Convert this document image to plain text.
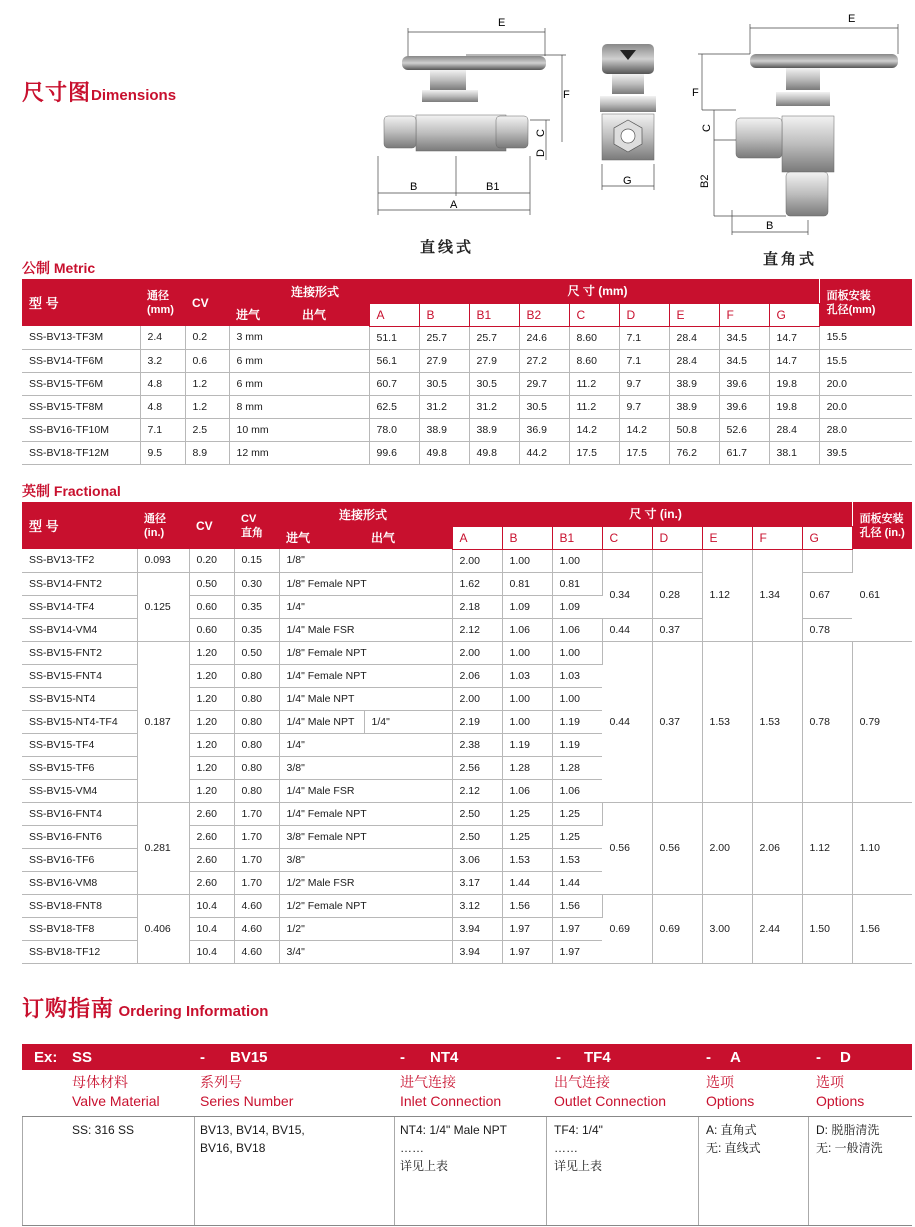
尺寸图Dimensions
E
F
C
D
B	B1
A
直线式
G
E
F
C
B2
B
直角式
公制 Metric
型 号	通径
(mm)	CV	连接形式	尺 寸 (mm)									面板安装
孔径(mm)
			进气 出气	A	B	B1	B2	C	D	E	F	G	
SS-BV13-TF3M	2.4	0.2	3 mm	51.1	25.7	25.7	24.6	8.60	7.1	28.4	34.5	14.7	15.5
SS-BV14-TF6M	3.2	0.6	6 mm	56.1	27.9	27.9	27.2	8.60	7.1	28.4	34.5	14.7	15.5
SS-BV15-TF6M	4.8	1.2	6 mm	60.7	30.5	30.5	29.7	11.2	9.7	38.9	39.6	19.8	20.0
SS-BV15-TF8M	4.8	1.2	8 mm	62.5	31.2	31.2	30.5	11.2	9.7	38.9	39.6	19.8	20.0
SS-BV16-TF10M	7.1	2.5	10 mm	78.0	38.9	38.9	36.9	14.2	14.2	50.8	52.6	28.4	28.0
SS-BV18-TF12M	9.5	8.9	12 mm	99.6	49.8	49.8	44.2	17.5	17.5	76.2	61.7	38.1	39.5
英制 Fractional
型 号	通径
(in.)	CV	CV
直角	连接形式		尺 寸 (in.)								面板安装
孔径 (in.)
				进气	出气	A	B	B1	C	D	E	F	G	
SS-BV13-TF2	0.093	0.20	0.15	1/8"		2.00	1.00	1.00			1.12	1.34		0.61
SS-BV14-FNT2	0.125	0.50	0.30	1/8" Female NPT		1.62	0.81	0.81	0.34	0.28			0.67	
SS-BV14-TF4		0.60	0.35	1/4"		2.18	1.09	1.09						
SS-BV14-VM4		0.60	0.35	1/4" Male FSR		2.12	1.06	1.06	0.44	0.37			0.78	
SS-BV15-FNT2	0.187	1.20	0.50	1/8" Female NPT		2.00	1.00	1.00	0.44	0.37	1.53	1.53	0.78	0.79
SS-BV15-FNT4		1.20	0.80	1/4" Female NPT		2.06	1.03	1.03						
SS-BV15-NT4		1.20	0.80	1/4" Male NPT		2.00	1.00	1.00						
SS-BV15-NT4-TF4		1.20	0.80	1/4" Male NPT	1/4"	2.19	1.00	1.19						
SS-BV15-TF4		1.20	0.80	1/4"		2.38	1.19	1.19						
SS-BV15-TF6		1.20	0.80	3/8"		2.56	1.28	1.28						
SS-BV15-VM4		1.20	0.80	1/4" Male FSR		2.12	1.06	1.06						
SS-BV16-FNT4	0.281	2.60	1.70	1/4" Female NPT		2.50	1.25	1.25	0.56	0.56	2.00	2.06	1.12	1.10
SS-BV16-FNT6		2.60	1.70	3/8" Female NPT		2.50	1.25	1.25						
SS-BV16-TF6		2.60	1.70	3/8"		3.06	1.53	1.53						
SS-BV16-VM8		2.60	1.70	1/2" Male FSR		3.17	1.44	1.44						
SS-BV18-FNT8	0.406	10.4	4.60	1/2" Female NPT		3.12	1.56	1.56	0.69	0.69	3.00	2.44	1.50	1.56
SS-BV18-TF8		10.4	4.60	1/2"		3.94	1.97	1.97						
SS-BV18-TF12		10.4	4.60	3/4"		3.94	1.97	1.97						
订购指南 Ordering Information
Ex: SS	- BV15	- NT4	- TF4	- A	- D
母体材料
Valve Material
系列号
Series Number
进气连接
Inlet Connection
出气连接
Outlet Connection
选项
Options
选项
Options
SS: 316 SS	BV13, BV14, BV15,
BV16, BV18
NT4: 1/4" Male NPT
……
详见上表
TF4: 1/4"
……
详见上表
A: 直角式
无: 直线式
D: 脱脂清洗
无: 一般清洗
